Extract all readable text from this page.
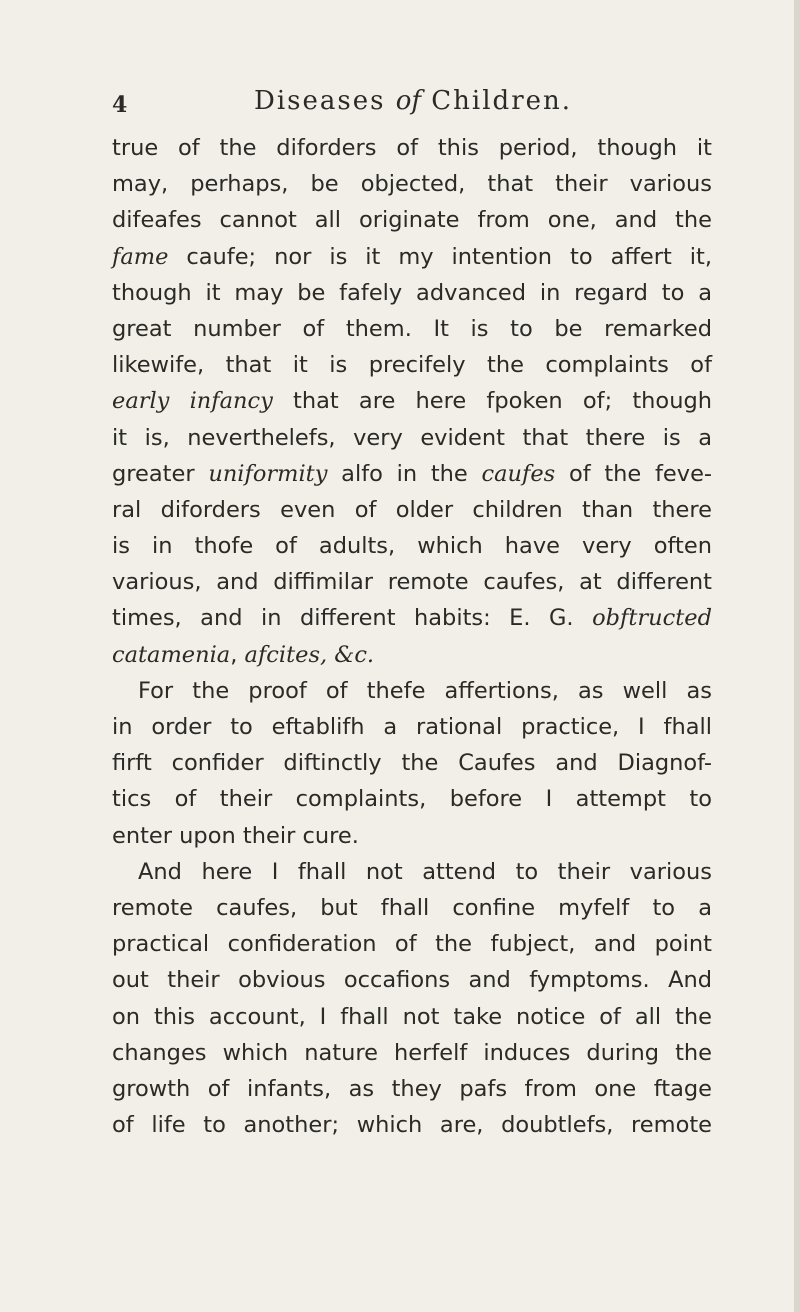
4	Diseases of Children.
true of the diforders of this period, though it
may, perhaps, be objected, that their various
difeafes cannot all originate from one, and the
fame caufe; nor is it my intention to affert it,
though it may be fafely advanced in regard to a
great number of them. It is to be remarked
likewife, that it is precifely the complaints of
early infancy that are here fpoken of; though
it is, neverthelefs, very evident that there is a
greater uniformity alfo in the caufes of the feve-
ral diforders even of older children than there
is in thofe of adults, which have very often
various, and diffimilar remote caufes, at different
times, and in different habits: E. G. obftructed
catamenia, afcites, &c.
For the proof of thefe affertions, as well as
in order to eftablifh a rational practice, I fhall
firft confider diftinctly the Caufes and Diagnof-
tics of their complaints, before I attempt to
enter upon their cure.
And here I fhall not attend to their various
remote caufes, but fhall confine myfelf to a
practical confideration of the fubject, and point
out their obvious occafions and fymptoms. And
on this account, I fhall not take notice of all the
changes which nature herfelf induces during the
growth of infants, as they pafs from one ftage
of life to another; which are, doubtlefs, remote
